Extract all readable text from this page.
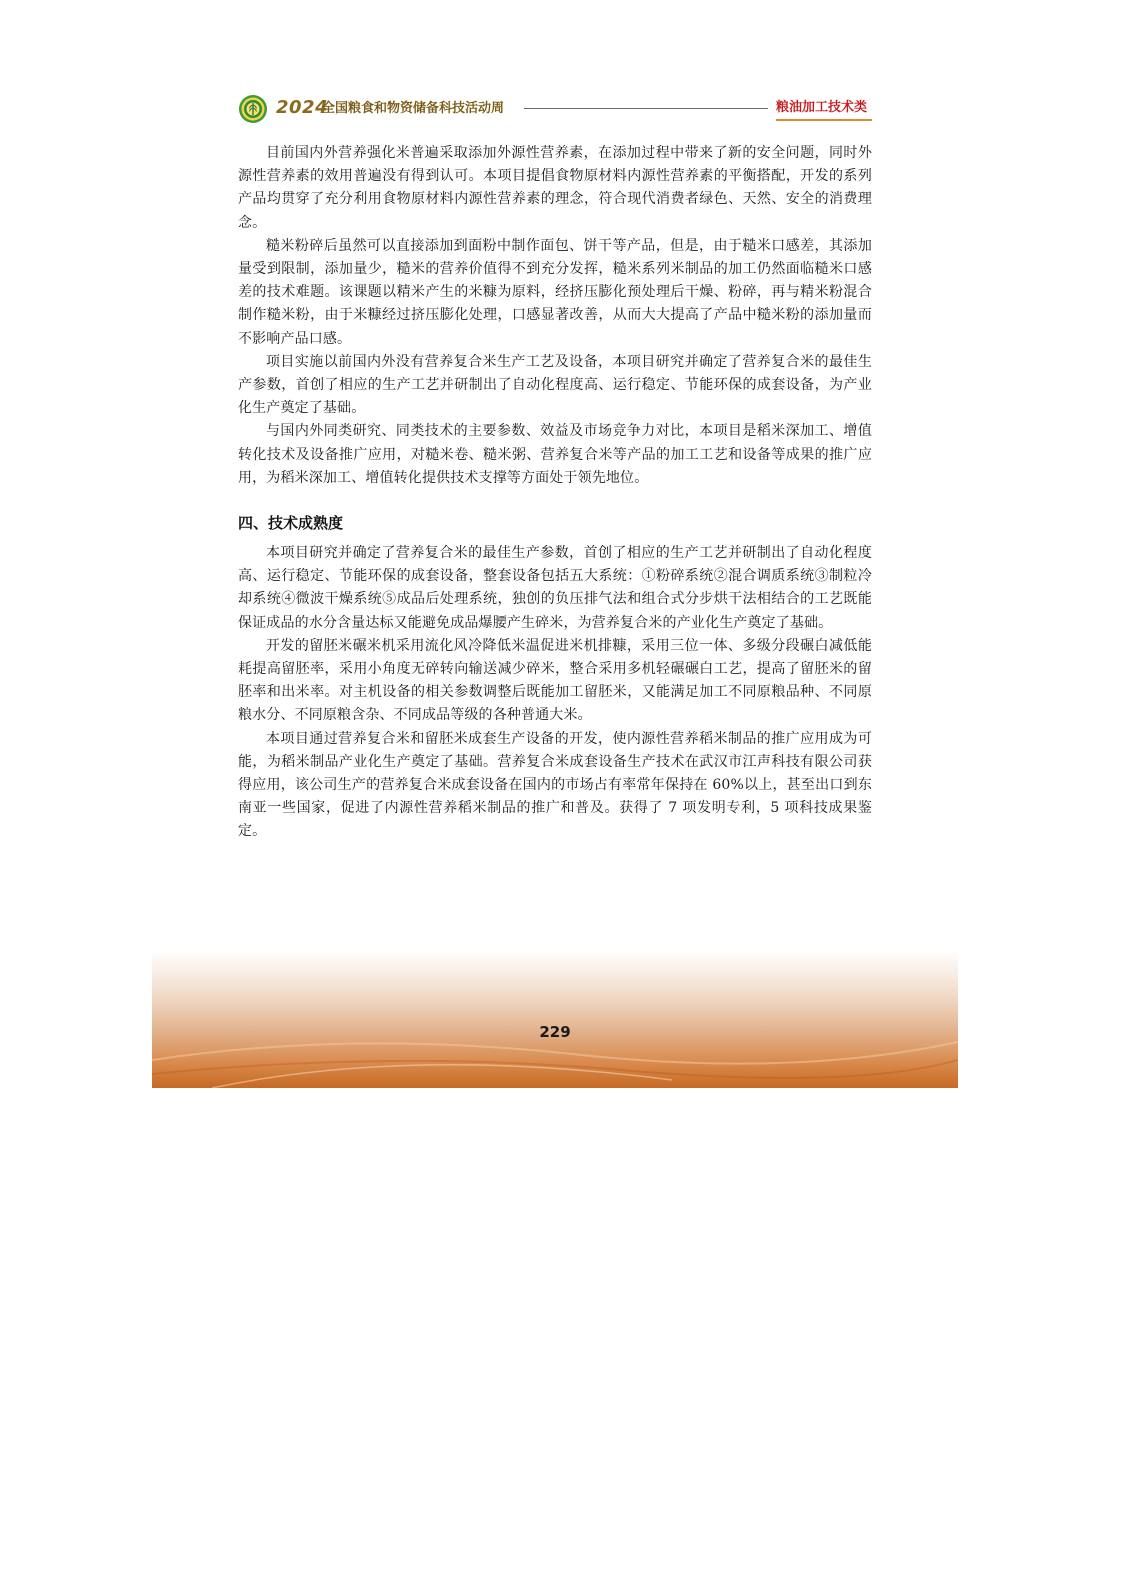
2024
全国粮食和物资储备科技活动周	粮油加工技术类

目前国内外营养强化米普遍采取添加外源性营养素，在添加过程中带来了新的安全问题，同时外源性营养素的效用普遍没有得到认可。本项目提倡食物原材料内源性营养素的平衡搭配，开发的系列产品均贯穿了充分利用食物原材料内源性营养素的理念，符合现代消费者绿色、天然、安全的消费理念。

糙米粉碎后虽然可以直接添加到面粉中制作面包、饼干等产品，但是，由于糙米口感差，其添加量受到限制，添加量少，糙米的营养价值得不到充分发挥，糙米系列米制品的加工仍然面临糙米口感差的技术难题。该课题以精米产生的米糠为原料，经挤压膨化预处理后干燥、粉碎，再与精米粉混合制作糙米粉，由于米糠经过挤压膨化处理，口感显著改善，从而大大提高了产品中糙米粉的添加量而不影响产品口感。

项目实施以前国内外没有营养复合米生产工艺及设备，本项目研究并确定了营养复合米的最佳生产参数，首创了相应的生产工艺并研制出了自动化程度高、运行稳定、节能环保的成套设备，为产业化生产奠定了基础。

与国内外同类研究、同类技术的主要参数、效益及市场竞争力对比，本项目是稻米深加工、增值转化技术及设备推广应用，对糙米卷、糙米粥、营养复合米等产品的加工工艺和设备等成果的推广应用，为稻米深加工、增值转化提供技术支撑等方面处于领先地位。

四、技术成熟度

本项目研究并确定了营养复合米的最佳生产参数，首创了相应的生产工艺并研制出了自动化程度高、运行稳定、节能环保的成套设备，整套设备包括五大系统：①粉碎系统②混合调质系统③制粒冷却系统④微波干燥系统⑤成品后处理系统，独创的负压排气法和组合式分步烘干法相结合的工艺既能保证成品的水分含量达标又能避免成品爆腰产生碎米，为营养复合米的产业化生产奠定了基础。

开发的留胚米碾米机采用流化风冷降低米温促进米机排糠，采用三位一体、多级分段碾白减低能耗提高留胚率，采用小角度无碎转向输送减少碎米，整合采用多机轻碾碾白工艺，提高了留胚米的留胚率和出米率。对主机设备的相关参数调整后既能加工留胚米，又能满足加工不同原粮品种、不同原粮水分、不同原粮含杂、不同成品等级的各种普通大米。

本项目通过营养复合米和留胚米成套生产设备的开发，使内源性营养稻米制品的推广应用成为可能，为稻米制品产业化生产奠定了基础。营养复合米成套设备生产技术在武汉市江声科技有限公司获得应用，该公司生产的营养复合米成套设备在国内的市场占有率常年保持在 60%以上，甚至出口到东南亚一些国家，促进了内源性营养稻米制品的推广和普及。获得了 7 项发明专利，5 项科技成果鉴定。

229
